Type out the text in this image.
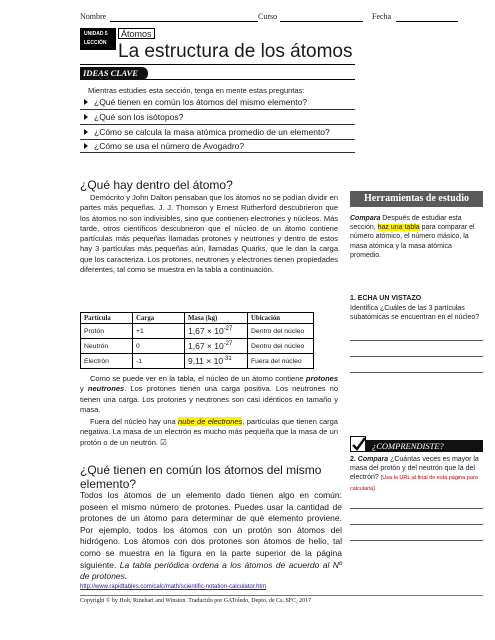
Nombre	Curso	Fecha
UNIDAD 5
LECCIÓN
Átomos
La estructura de los átomos
IDEAS CLAVE
Mientras estudies esta sección, tenga en mente estas preguntas:
¿Qué tienen en común los átomos del mismo elemento?
¿Qué son los isótopos?
¿Cómo se calcula la masa atómica promedio de un elemento?
¿Cómo se usa el número de Avogadro?
¿Qué hay dentro del átomo?
Demócrito y John Dalton pensaban que los átomos no se podían dividir en partes más pequeñas. J. J. Thomson y Ernest Rutherford descubrieron que los átomos no son indivisibles, sino que contienen electrones y núcleos. Más tarde, otros científicos descubrieron que el núcleo de un átomo contiene partículas más pequeñas llamadas protones y neutrones y dentro de estos hay 3 partículas más pequeñas aún, llamadas Quarks, que le dan la carga que los caracteriza. Los protones, neutrones y electrones tienen propiedades diferentes, tal como se muestra en la tabla a continuación.
Partícula	Carga	Masa (kg)	Ubicación
Protón	+1	$1,67 \times 10^{-27}$	Dentro del núcleo
Neutrón	0	$1,67 \times 10^{-27}$	Dentro del núcleo
Electrón	-1	$9,11 \times 10^{-31}$	Fuera del núcleo
Como se puede ver en la tabla, el núcleo de un átomo contiene protones y neutrones. Los protones tienen una carga positiva. Los neutrones no tienen una carga. Los protones y neutrones son casi idénticos en tamaño y masa.
Fuera del núcleo hay una nube de electrones, partículas que tienen carga negativa. La masa de un electrón es mucho más pequeña que la masa de un protón o de un neutrón. ☑
¿Qué tienen en común los átomos del mismo elemento?
Todos los átomos de un elemento dado tienen algo en común: poseen el mismo número de protones. Puedes usar la cantidad de protones de un átomo para determinar de qué elemento proviene. Por ejemplo, todos los átomos con un protón son átomos del hidrógeno. Los átomos con dos protones son átomos de helio, tal como se muestra en la figura en la parte superior de la página siguiente. La tabla periódica ordena a los átomos de acuerdo al Nº de protones.
http://www.rapidtables.com/calc/math/scientific-notation-calculator.htm
Herramientas de estudio
Compara Después de estudiar esta sección, haz una tabla para comparar el número atómico, el número másico, la masa atómica y la masa atómica promedio.
1. ECHA UN VISTAZO
Identifica ¿Cuáles de las 3 partículas subatómicas se encuentran en el núcleo?
¿COMPRENDISTE?
2. Compara ¿Cuántas veces es mayor la masa del protón y del neutrón que la del electrón? [Usa la URL al final de esta página para calcularla]
Copyright © by Holt, Rinehart and Winston. Traducido por GAToledo, Depto. de Cs. SFC, 2017
